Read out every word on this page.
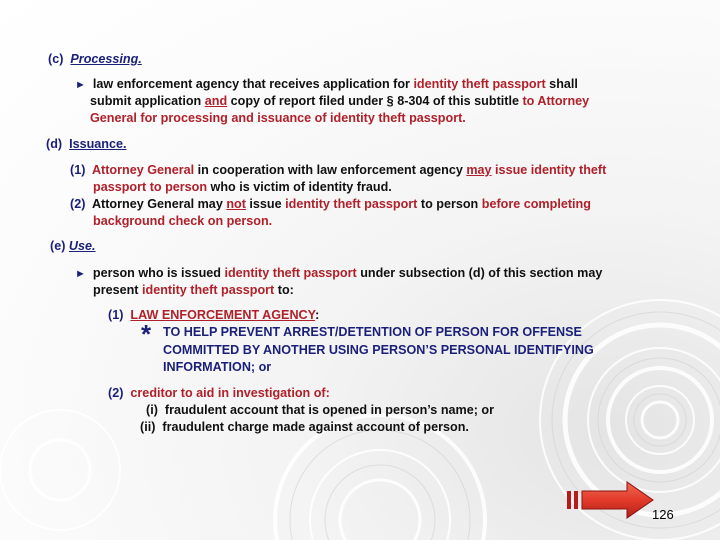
(c) Processing.
► law enforcement agency that receives application for identity theft passport shall
submit application and copy of report filed under § 8-304 of this subtitle to Attorney
General for processing and issuance of identity theft passport.
(d) Issuance.
(1) Attorney General in cooperation with law enforcement agency may issue identity theft
passport to person who is victim of identity fraud.
(2) Attorney General may not issue identity theft passport to person before completing
background check on person.
(e) Use.
► person who is issued identity theft passport under subsection (d) of this section may
present identity theft passport to:
(1) LAW ENFORCEMENT AGENCY:
* TO HELP PREVENT ARREST/DETENTION OF PERSON FOR OFFENSE
COMMITTED BY ANOTHER USING PERSON’S PERSONAL IDENTIFYING
INFORMATION; or
(2) creditor to aid in investigation of:
(i) fraudulent account that is opened in person’s name; or
(ii) fraudulent charge made against account of person.
126
